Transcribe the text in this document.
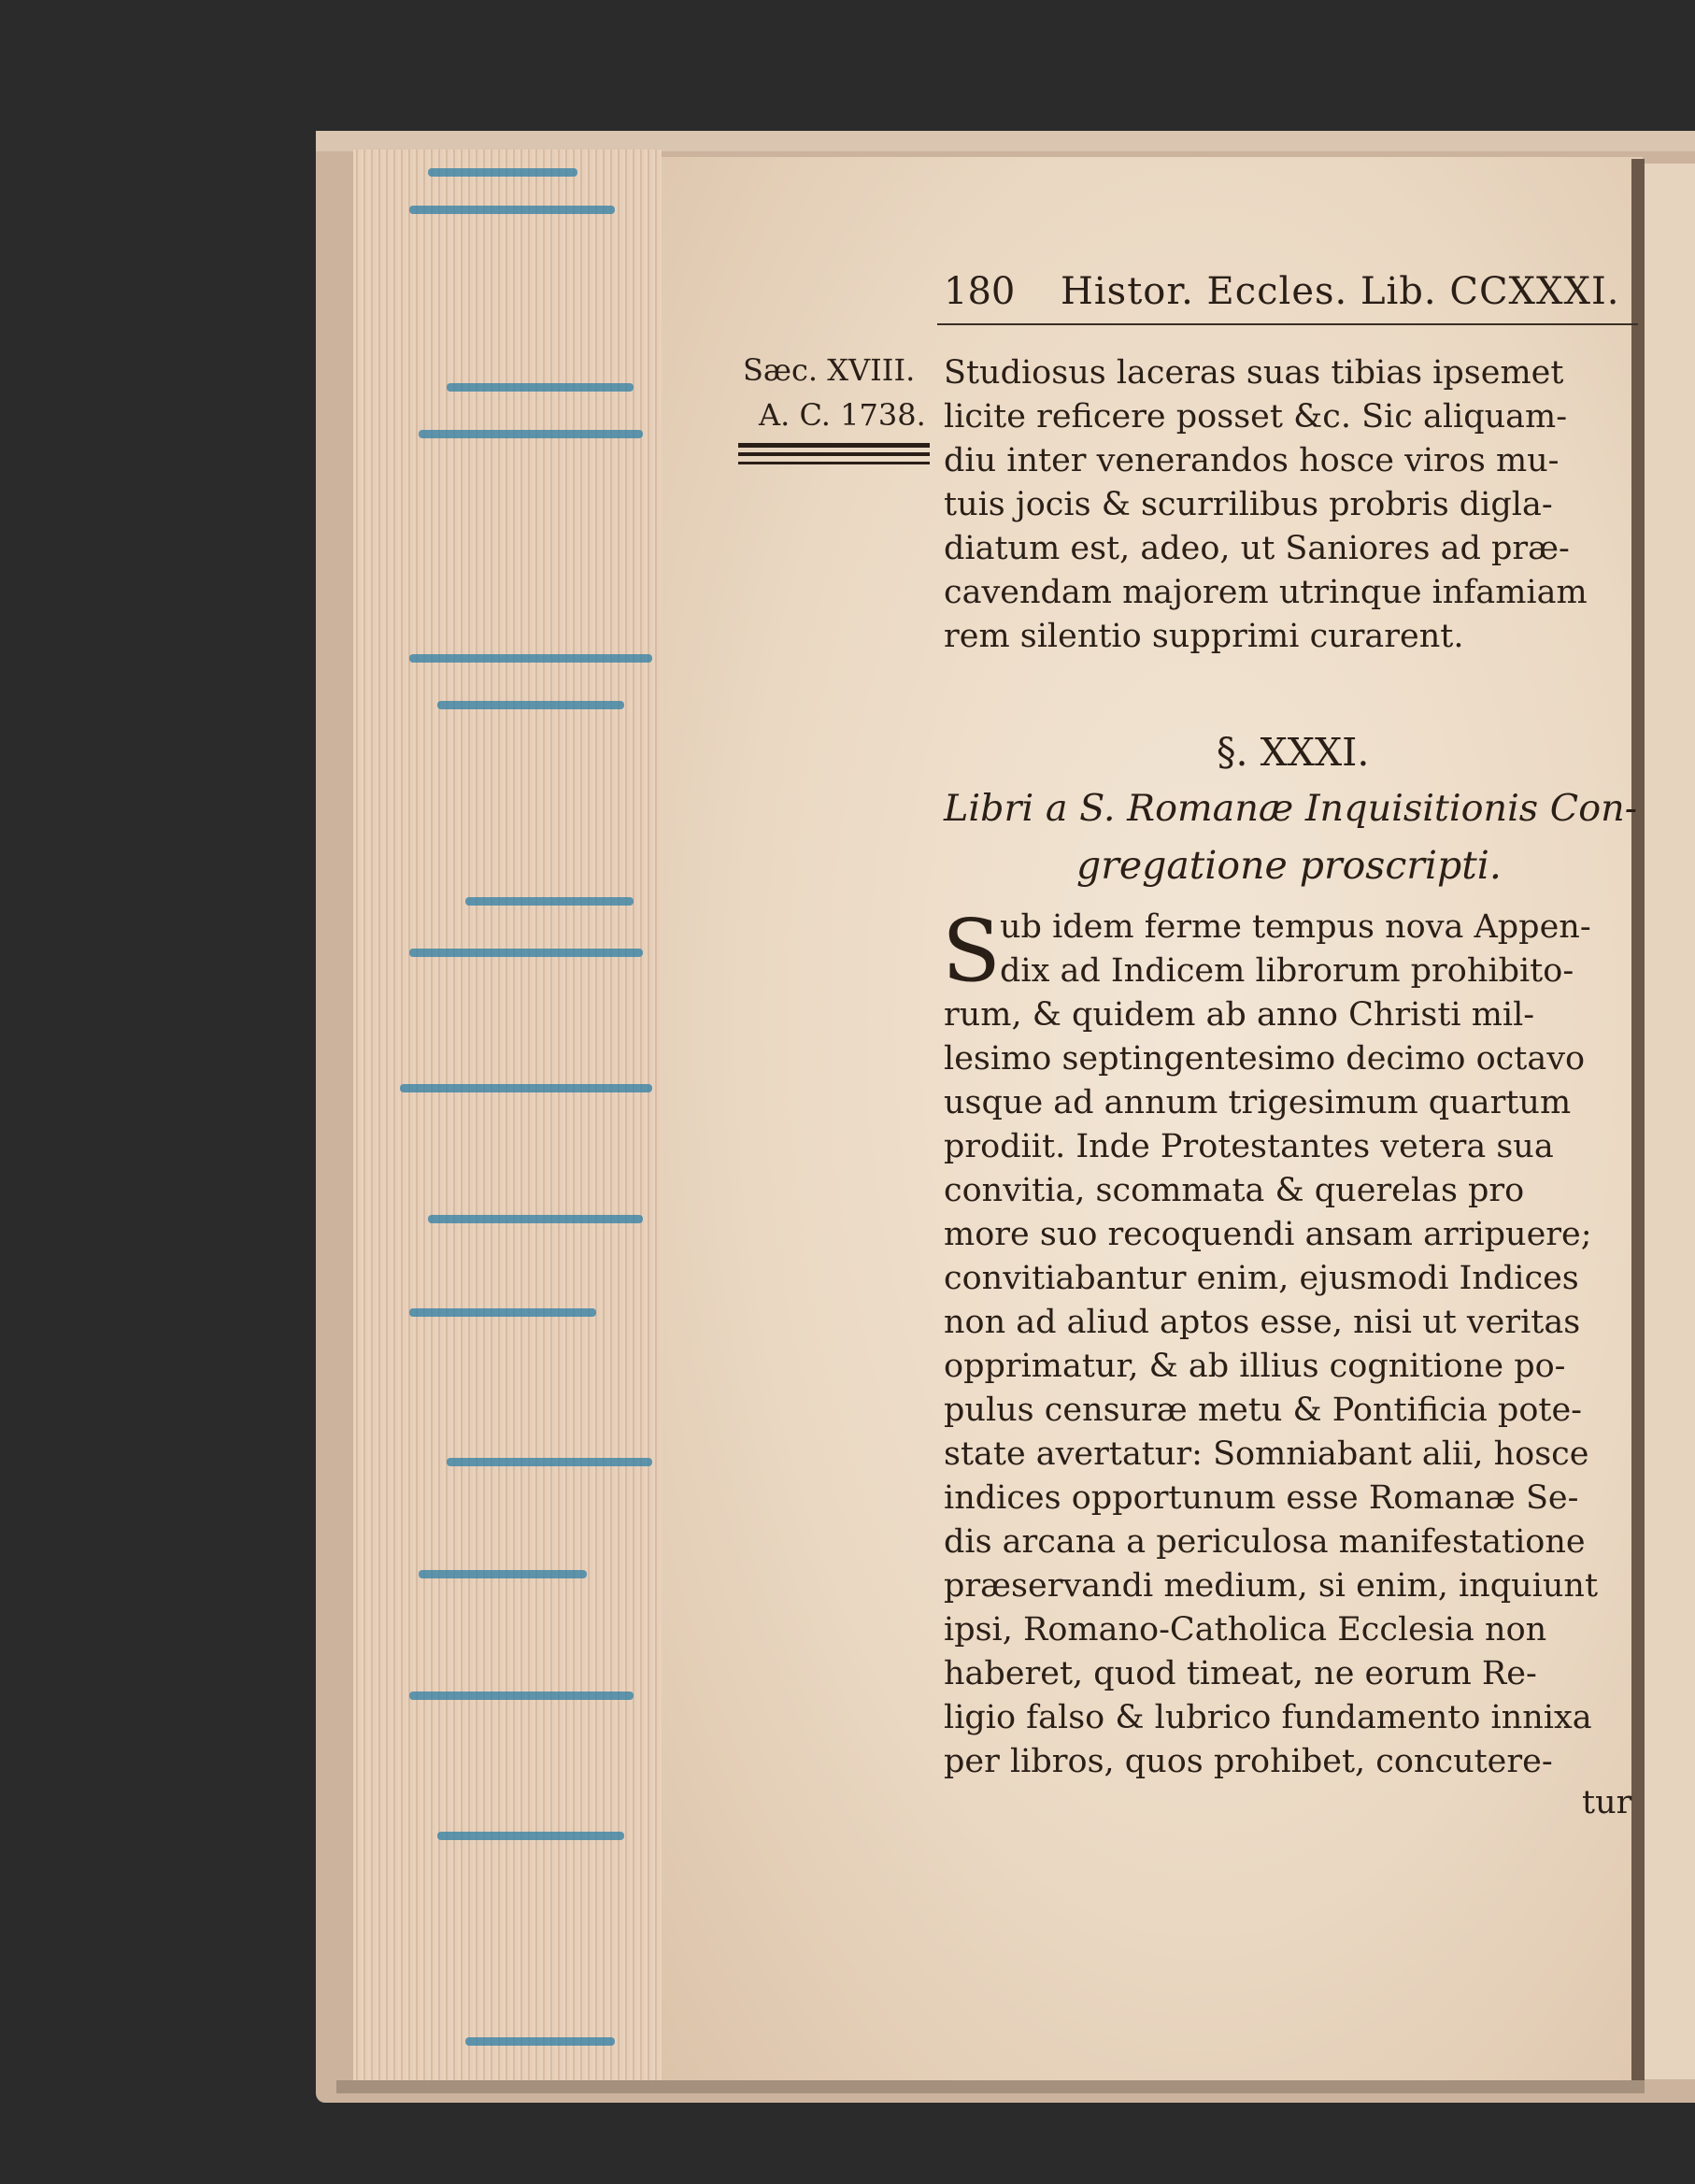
180 Histor. Eccles. Lib. CCXXXI.
Sæc. XVIII.
A. C. 1738.
Studiosus laceras suas tibias ipsemet
licite reficere posset &c. Sic aliquam-
diu inter venerandos hosce viros mu-
tuis jocis & scurrilibus probris digla-
diatum est, adeo, ut Saniores ad præ-
cavendam majorem utrinque infamiam
rem silentio supprimi curarent.
§. XXXI.
Libri a S. Romanæ Inquisitionis Con-
gregatione proscripti.
S
ub idem ferme tempus nova Appen-
dix ad Indicem librorum prohibito-
rum, & quidem ab anno Christi mil-
lesimo septingentesimo decimo octavo
usque ad annum trigesimum quartum
prodiit. Inde Protestantes vetera sua
convitia, scommata & querelas pro
more suo recoquendi ansam arripuere;
convitiabantur enim, ejusmodi Indices
non ad aliud aptos esse, nisi ut veritas
opprimatur, & ab illius cognitione po-
pulus censuræ metu & Pontificia pote-
state avertatur: Somniabant alii, hosce
indices opportunum esse Romanæ Se-
dis arcana a periculosa manifestatione
præservandi medium, si enim, inquiunt
ipsi, Romano-Catholica Ecclesia non
haberet, quod timeat, ne eorum Re-
ligio falso & lubrico fundamento innixa
per libros, quos prohibet, concutere-
tur
